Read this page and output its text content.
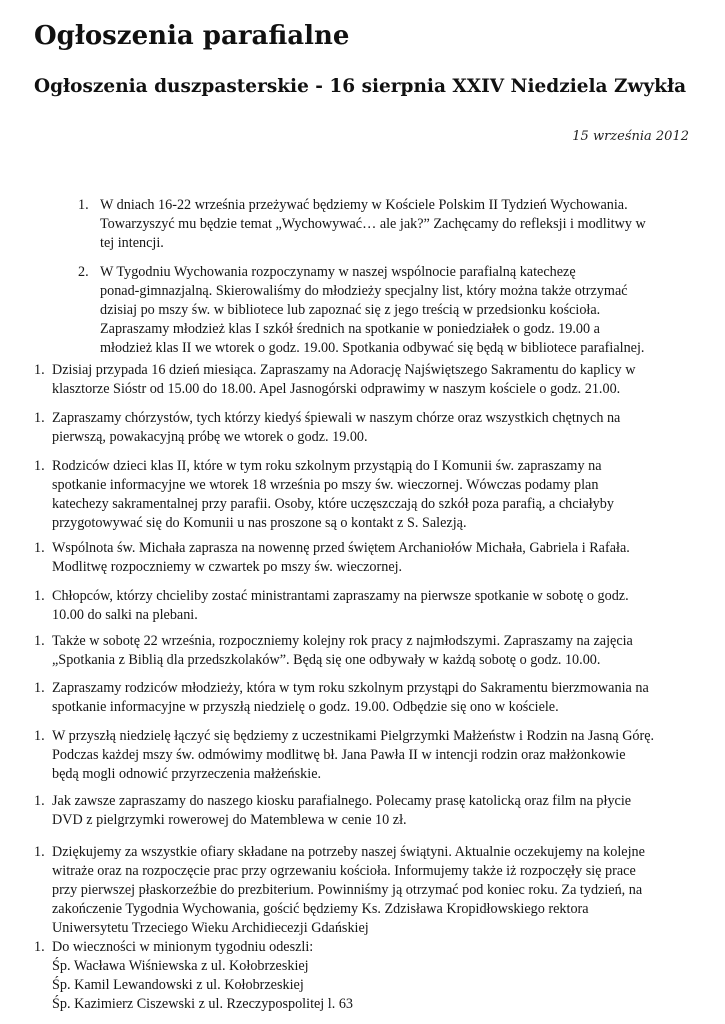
Ogłoszenia parafialne
Ogłoszenia duszpasterskie - 16 sierpnia XXIV Niedziela Zwykła
15 września 2012
1. W dniach 16-22 września przeżywać będziemy w Kościele Polskim II Tydzień Wychowania.
Towarzyszyć mu będzie temat „Wychowywać… ale jak?” Zachęcamy do refleksji i modlitwy w
tej intencji.
2. W Tygodniu Wychowania rozpoczynamy w naszej wspólnocie parafialną katechezę
ponad-gimnazjalną. Skierowaliśmy do młodzieży specjalny list, który można także otrzymać
dzisiaj po mszy św. w bibliotece lub zapoznać się z jego treścią w przedsionku kościoła.
Zapraszamy młodzież klas I szkół średnich na spotkanie w poniedziałek o godz. 19.00 a
młodzież klas II we wtorek o godz. 19.00. Spotkania odbywać się będą w bibliotece parafialnej.
1. Dzisiaj przypada 16 dzień miesiąca. Zapraszamy na Adorację Najświętszego Sakramentu do kaplicy w
klasztorze Sióstr od 15.00 do 18.00. Apel Jasnogórski odprawimy w naszym kościele o godz. 21.00.
1. Zapraszamy chórzystów, tych którzy kiedyś śpiewali w naszym chórze oraz wszystkich chętnych na
pierwszą, powakacyjną próbę we wtorek o godz. 19.00.
1. Rodziców dzieci klas II, które w tym roku szkolnym przystąpią do I Komunii św. zapraszamy na
spotkanie informacyjne we wtorek 18 września po mszy św. wieczornej. Wówczas podamy plan
katechezy sakramentalnej przy parafii. Osoby, które uczęszczają do szkół poza parafią, a chciałyby
przygotowywać się do Komunii u nas proszone są o kontakt z S. Salezją.
1. Wspólnota św. Michała zaprasza na nowennę przed świętem Archaniołów Michała, Gabriela i Rafała.
Modlitwę rozpoczniemy w czwartek po mszy św. wieczornej.
1. Chłopców, którzy chcieliby zostać ministrantami zapraszamy na pierwsze spotkanie w sobotę o godz.
10.00 do salki na plebani.
1. Także w sobotę 22 września, rozpoczniemy kolejny rok pracy z najmłodszymi. Zapraszamy na zajęcia
„Spotkania z Biblią dla przedszkolaków”. Będą się one odbywały w każdą sobotę o godz. 10.00.
1. Zapraszamy rodziców młodzieży, która w tym roku szkolnym przystąpi do Sakramentu bierzmowania na
spotkanie informacyjne w przyszłą niedzielę o godz. 19.00. Odbędzie się ono w kościele.
1. W przyszłą niedzielę łączyć się będziemy z uczestnikami Pielgrzymki Małżeństw i Rodzin na Jasną Górę.
Podczas każdej mszy św. odmówimy modlitwę bł. Jana Pawła II w intencji rodzin oraz małżonkowie
będą mogli odnowić przyrzeczenia małżeńskie.
1. Jak zawsze zapraszamy do naszego kiosku parafialnego. Polecamy prasę katolicką oraz film na płycie
DVD z pielgrzymki rowerowej do Matemblewa w cenie 10 zł.
1. Dziękujemy za wszystkie ofiary składane na potrzeby naszej świątyni. Aktualnie oczekujemy na kolejne
witraże oraz na rozpoczęcie prac przy ogrzewaniu kościoła. Informujemy także iż rozpoczęły się prace
przy pierwszej płaskorzeźbie do prezbiterium. Powinniśmy ją otrzymać pod koniec roku. Za tydzień, na
zakończenie Tygodnia Wychowania, gościć będziemy Ks. Zdzisława Kropidłowskiego rektora
Uniwersytetu Trzeciego Wieku Archidiecezji Gdańskiej
1. Do wieczności w minionym tygodniu odeszli:
Śp. Wacława Wiśniewska z ul. Kołobrzeskiej
Śp. Kamil Lewandowski z ul. Kołobrzeskiej
Śp. Kazimierz Ciszewski z ul. Rzeczypospolitej l. 63
